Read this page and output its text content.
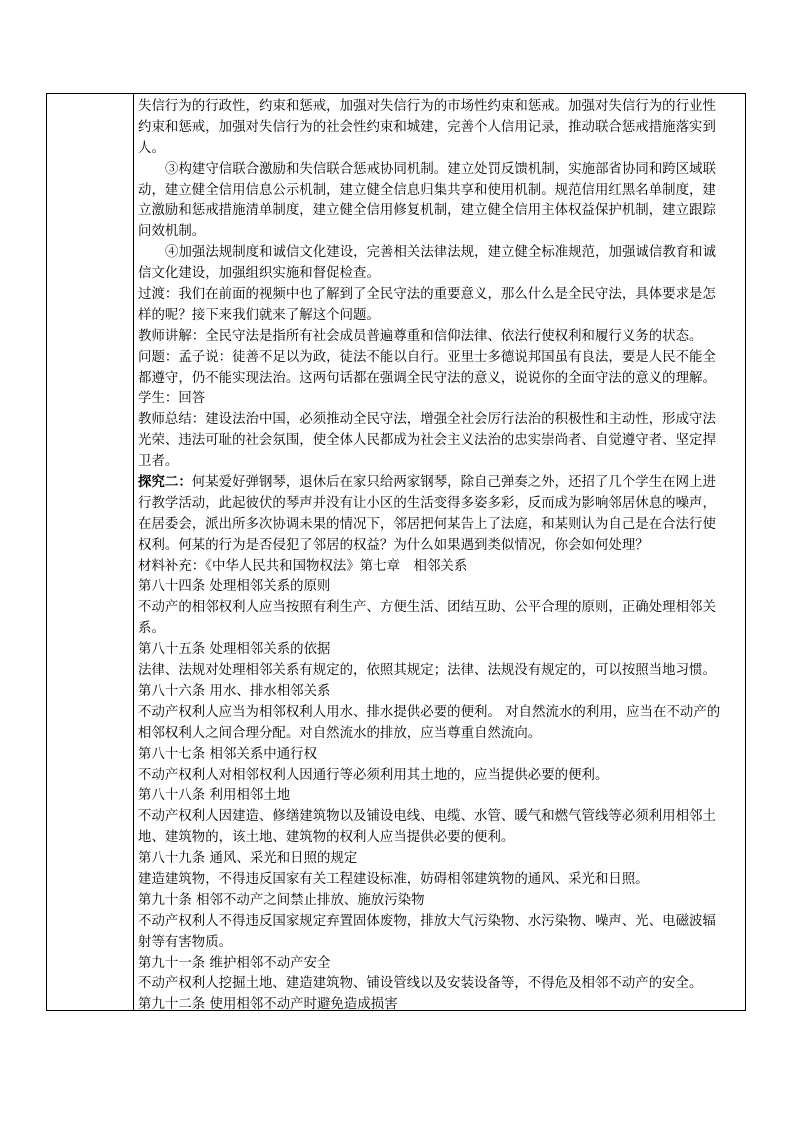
失信行为的行政性，约束和惩戒，加强对失信行为的市场性约束和惩戒。加强对失信行为的行业性
约束和惩戒，加强对失信行为的社会性约束和城建，完善个人信用记录，推动联合惩戒措施落实到
人。
③构建守信联合激励和失信联合惩戒协同机制。建立处罚反馈机制，实施部省协同和跨区域联
动，建立健全信用信息公示机制，建立健全信息归集共享和使用机制。规范信用红黑名单制度，建
立激励和惩戒措施清单制度，建立健全信用修复机制，建立健全信用主体权益保护机制，建立跟踪
问效机制。
④加强法规制度和诚信文化建设，完善相关法律法规，建立健全标准规范，加强诚信教育和诚
信文化建设，加强组织实施和督促检查。
过渡：我们在前面的视频中也了解到了全民守法的重要意义，那么什么是全民守法，具体要求是怎
样的呢？接下来我们就来了解这个问题。
教师讲解：全民守法是指所有社会成员普遍尊重和信仰法律、依法行使权利和履行义务的状态。
问题：孟子说：徒善不足以为政，徒法不能以自行。亚里士多德说邦国虽有良法，要是人民不能全
都遵守，仍不能实现法治。这两句话都在强调全民守法的意义，说说你的全面守法的意义的理解。
学生：回答
教师总结：建设法治中国，必须推动全民守法，增强全社会厉行法治的积极性和主动性，形成守法
光荣、违法可耻的社会氛围，使全体人民都成为社会主义法治的忠实崇尚者、自觉遵守者、坚定捍
卫者。
探究二：何某爱好弹钢琴，退休后在家只给两家钢琴，除自己弹奏之外，还招了几个学生在网上进
行教学活动，此起彼伏的琴声并没有让小区的生活变得多姿多彩，反而成为影响邻居休息的噪声，
在居委会，派出所多次协调未果的情况下，邻居把何某告上了法庭，和某则认为自己是在合法行使
权利。何某的行为是否侵犯了邻居的权益？为什么如果遇到类似情况，你会如何处理？
材料补充：《中华人民共和国物权法》第七章　相邻关系
第八十四条 处理相邻关系的原则
不动产的相邻权利人应当按照有利生产、方便生活、团结互助、公平合理的原则，正确处理相邻关
系。
第八十五条 处理相邻关系的依据
法律、法规对处理相邻关系有规定的，依照其规定；法律、法规没有规定的，可以按照当地习惯。
第八十六条 用水、排水相邻关系
不动产权利人应当为相邻权利人用水、排水提供必要的便利。 对自然流水的利用，应当在不动产的
相邻权利人之间合理分配。对自然流水的排放，应当尊重自然流向。
第八十七条 相邻关系中通行权
不动产权利人对相邻权利人因通行等必须利用其土地的，应当提供必要的便利。
第八十八条 利用相邻土地
不动产权利人因建造、修缮建筑物以及铺设电线、电缆、水管、暖气和燃气管线等必须利用相邻土
地、建筑物的，该土地、建筑物的权利人应当提供必要的便利。
第八十九条 通风、采光和日照的规定
建造建筑物，不得违反国家有关工程建设标准，妨碍相邻建筑物的通风、采光和日照。
第九十条 相邻不动产之间禁止排放、施放污染物
不动产权利人不得违反国家规定弃置固体废物，排放大气污染物、水污染物、噪声、光、电磁波辐
射等有害物质。
第九十一条 维护相邻不动产安全
不动产权利人挖掘土地、建造建筑物、铺设管线以及安装设备等，不得危及相邻不动产的安全。
第九十二条 使用相邻不动产时避免造成损害
